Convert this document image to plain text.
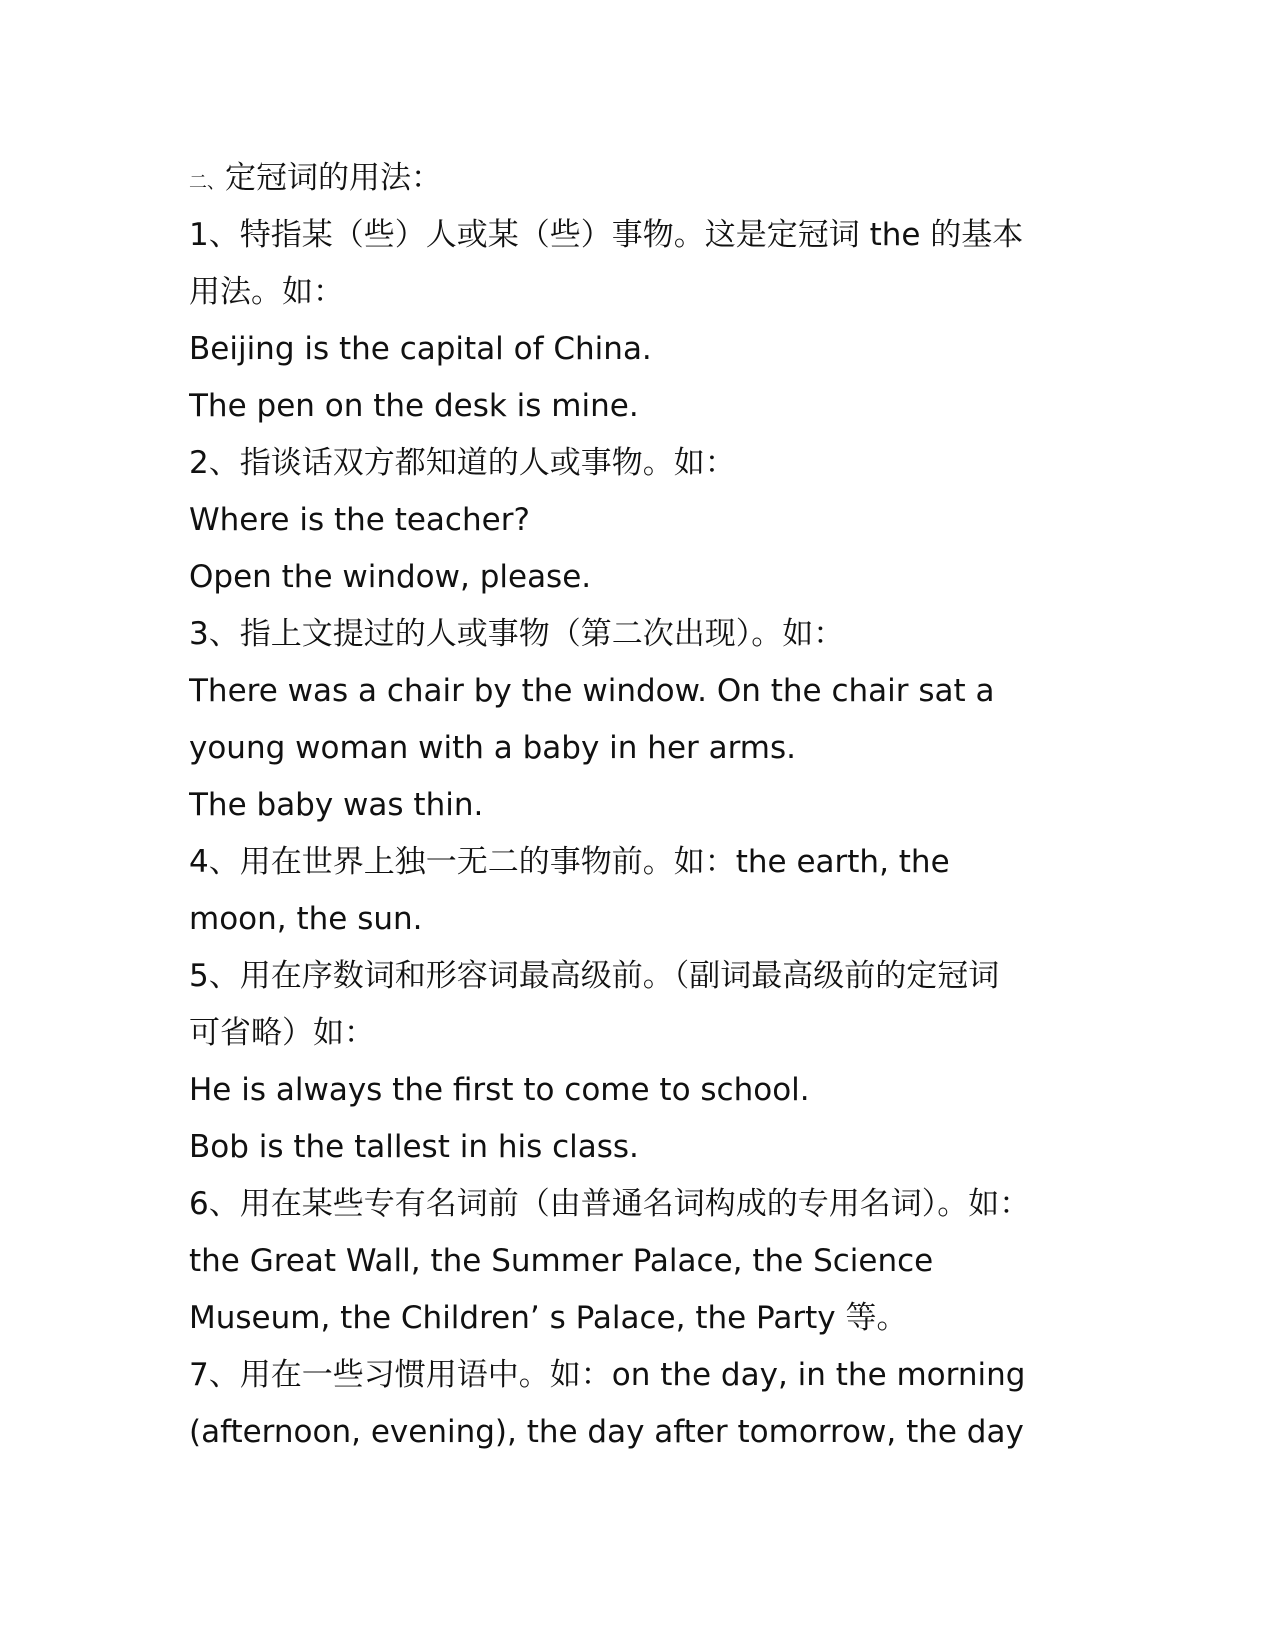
二、定冠词的用法：
1、特指某（些）人或某（些）事物。这是定冠词 the 的基本
用法。如：
Beijing is the capital of China.
The pen on the desk is mine.
2、指谈话双方都知道的人或事物。如：
Where is the teacher?
Open the window, please.
3、指上文提过的人或事物（第二次出现）。如：
There was a chair by the window. On the chair sat a
young woman with a baby in her arms.
The baby was thin.
4、用在世界上独一无二的事物前。如：the earth, the
moon, the sun.
5、用在序数词和形容词最高级前。（副词最高级前的定冠词
可省略）如：
He is always the first to come to school.
Bob is the tallest in his class.
6、用在某些专有名词前（由普通名词构成的专用名词）。如：
the Great Wall, the Summer Palace, the Science
Museum, the Children’ s Palace, the Party 等。
7、用在一些习惯用语中。如：on the day, in the morning
(afternoon, evening), the day after tomorrow, the day
